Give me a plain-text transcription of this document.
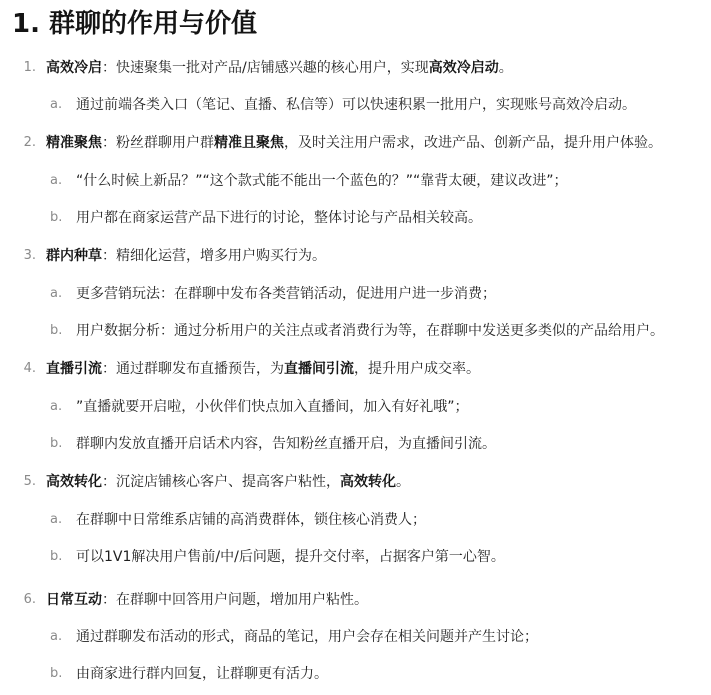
1. 群聊的作用与价值
1. 高效冷启：快速聚集一批对产品/店铺感兴趣的核心用户，实现高效冷启动。
a. 通过前端各类入口（笔记、直播、私信等）可以快速积累一批用户，实现账号高效冷启动。
2. 精准聚焦：粉丝群聊用户群精准且聚焦，及时关注用户需求，改进产品、创新产品，提升用户体验。
a. “什么时候上新品？”“这个款式能不能出一个蓝色的？”“靠背太硬，建议改进”；
b. 用户都在商家运营产品下进行的讨论，整体讨论与产品相关较高。
3. 群内种草：精细化运营，增多用户购买行为。
a. 更多营销玩法：在群聊中发布各类营销活动，促进用户进一步消费；
b. 用户数据分析：通过分析用户的关注点或者消费行为等，在群聊中发送更多类似的产品给用户。
4. 直播引流：通过群聊发布直播预告，为直播间引流，提升用户成交率。
a. ”直播就要开启啦，小伙伴们快点加入直播间，加入有好礼哦”；
b. 群聊内发放直播开启话术内容，告知粉丝直播开启，为直播间引流。
5. 高效转化：沉淀店铺核心客户、提高客户粘性，高效转化。
a. 在群聊中日常维系店铺的高消费群体，锁住核心消费人；
b. 可以1V1解决用户售前/中/后问题，提升交付率，占据客户第一心智。
6. 日常互动：在群聊中回答用户问题，增加用户粘性。
a. 通过群聊发布活动的形式，商品的笔记，用户会存在相关问题并产生讨论；
b. 由商家进行群内回复，让群聊更有活力。
